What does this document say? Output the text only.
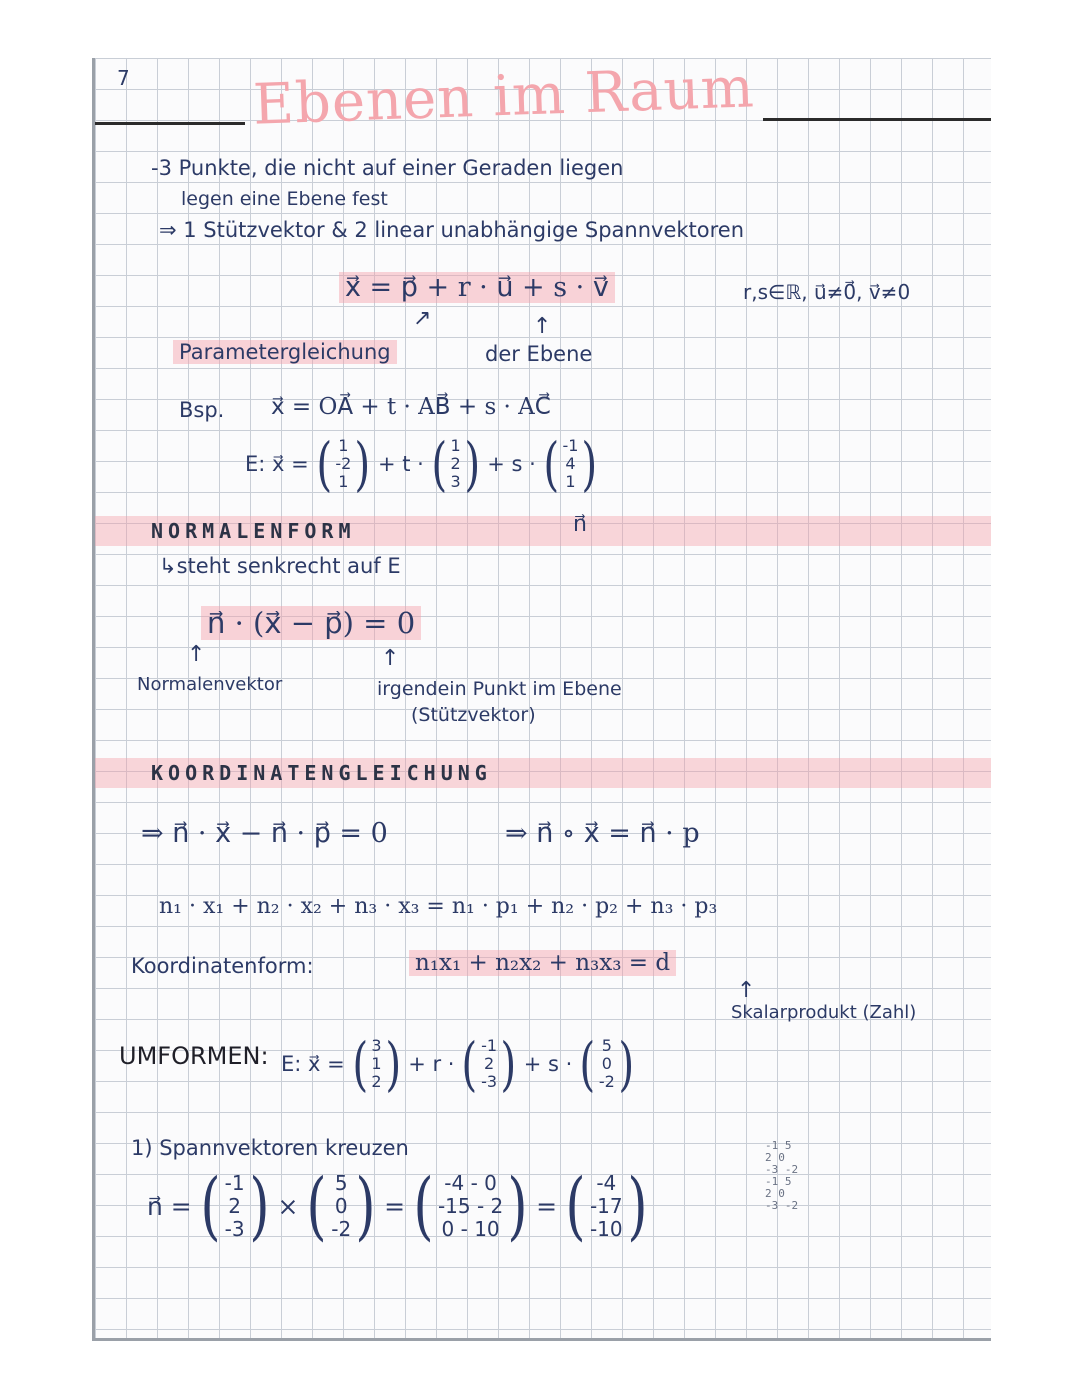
7 Ebenen im Raum
-3 Punkte, die nicht auf einer Geraden liegen
legen eine Ebene fest
⇒ 1 Stützvektor & 2 linear unabhängige Spannvektoren
x⃗ = p⃗ + r · u⃗ + s · v⃗	r,s∈ℝ, u⃗≠0⃗, v⃗≠0
↗	↑
Parametergleichung	der Ebene
Bsp. x⃗ = OA⃗ + t · AB⃗ + s · AC⃗
E: x⃗ = ( 1
-2
1 ) + t · ( 1
2
3 ) + s · ( -1
4
1 )
NORMALENFORM	n⃗
↳steht senkrecht auf E
n⃗ · (x⃗ − p⃗) = 0
↑	↑
Normalenvektor	irgendein Punkt im Ebene
(Stützvektor)
KOORDINATENGLEICHUNG
⇒ n⃗ · x⃗ − n⃗ · p⃗ = 0	⇒ n⃗ ∘ x⃗ = n⃗ · p
n₁ · x₁ + n₂ · x₂ + n₃ · x₃ = n₁ · p₁ + n₂ · p₂ + n₃ · p₃
Koordinatenform:	n₁x₁ + n₂x₂ + n₃x₃ = d
↑
Skalarprodukt (Zahl)
UMFORMEN: E: x⃗ = ( 3
1
2 ) + r · ( -1
2
-3 ) + s · ( 5
0
-2 )
1) Spannvektoren kreuzen
n⃗ = ( -1
2
-3 ) × ( 5
0
-2 ) = ( -4 - 0
-15 - 2
0 - 10 ) = ( -4
-17
-10 )
-1 5
2 0
-3 -2
-1 5
2 0
-3 -2
